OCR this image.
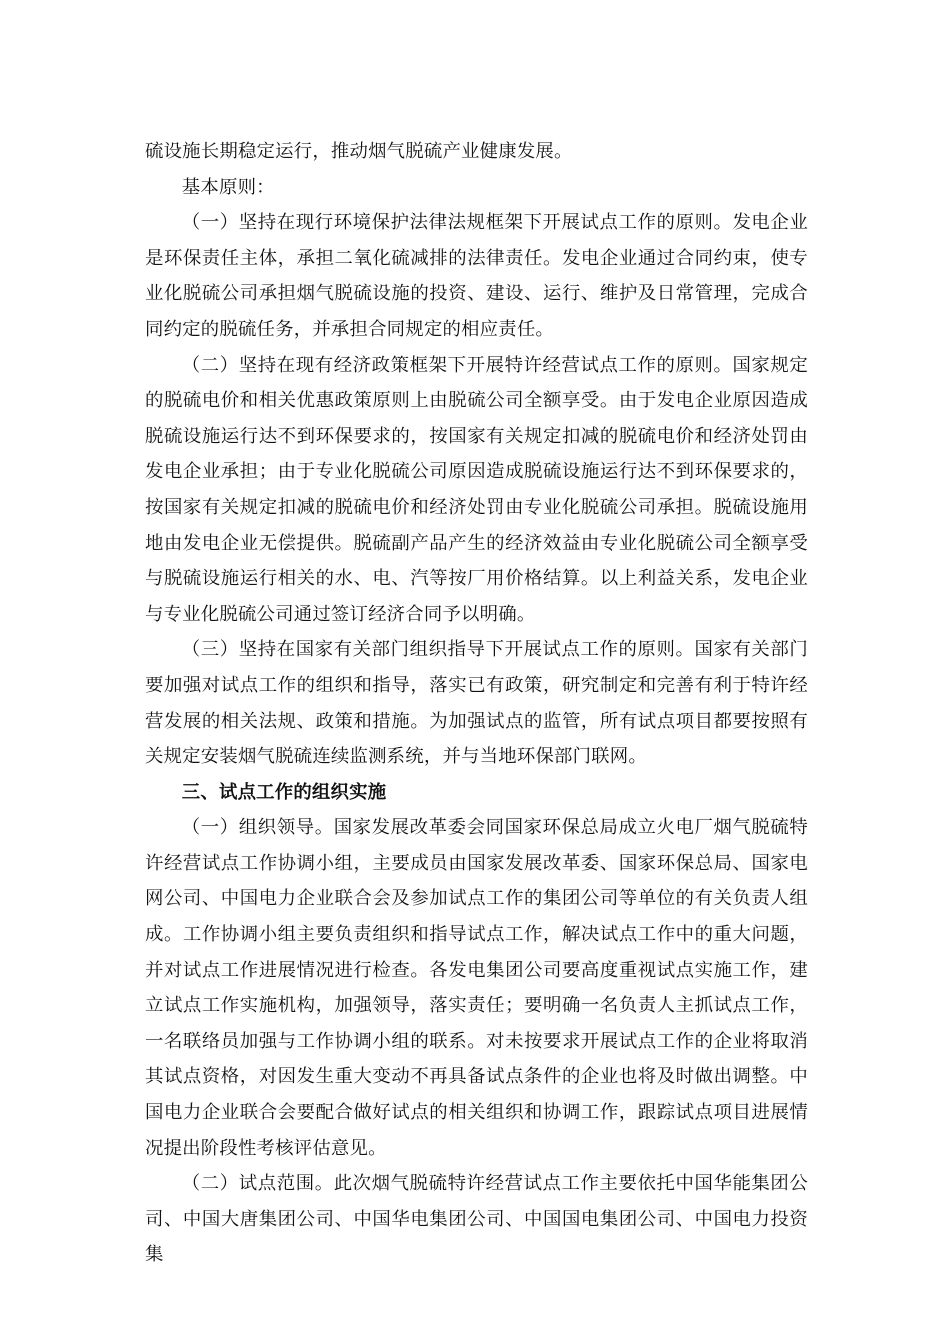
硫设施长期稳定运行，推动烟气脱硫产业健康发展。

基本原则：

（一）坚持在现行环境保护法律法规框架下开展试点工作的原则。发电企业是环保责任主体，承担二氧化硫减排的法律责任。发电企业通过合同约束，使专业化脱硫公司承担烟气脱硫设施的投资、建设、运行、维护及日常管理，完成合同约定的脱硫任务，并承担合同规定的相应责任。

（二）坚持在现有经济政策框架下开展特许经营试点工作的原则。国家规定的脱硫电价和相关优惠政策原则上由脱硫公司全额享受。由于发电企业原因造成脱硫设施运行达不到环保要求的，按国家有关规定扣减的脱硫电价和经济处罚由发电企业承担；由于专业化脱硫公司原因造成脱硫设施运行达不到环保要求的，按国家有关规定扣减的脱硫电价和经济处罚由专业化脱硫公司承担。脱硫设施用地由发电企业无偿提供。脱硫副产品产生的经济效益由专业化脱硫公司全额享受与脱硫设施运行相关的水、电、汽等按厂用价格结算。以上利益关系，发电企业与专业化脱硫公司通过签订经济合同予以明确。

（三）坚持在国家有关部门组织指导下开展试点工作的原则。国家有关部门要加强对试点工作的组织和指导，落实已有政策，研究制定和完善有利于特许经营发展的相关法规、政策和措施。为加强试点的监管，所有试点项目都要按照有关规定安装烟气脱硫连续监测系统，并与当地环保部门联网。

三、试点工作的组织实施

（一）组织领导。国家发展改革委会同国家环保总局成立火电厂烟气脱硫特许经营试点工作协调小组，主要成员由国家发展改革委、国家环保总局、国家电网公司、中国电力企业联合会及参加试点工作的集团公司等单位的有关负责人组成。工作协调小组主要负责组织和指导试点工作，解决试点工作中的重大问题，并对试点工作进展情况进行检查。各发电集团公司要高度重视试点实施工作，建立试点工作实施机构，加强领导，落实责任；要明确一名负责人主抓试点工作，一名联络员加强与工作协调小组的联系。对未按要求开展试点工作的企业将取消其试点资格，对因发生重大变动不再具备试点条件的企业也将及时做出调整。中国电力企业联合会要配合做好试点的相关组织和协调工作，跟踪试点项目进展情况提出阶段性考核评估意见。

（二）试点范围。此次烟气脱硫特许经营试点工作主要依托中国华能集团公司、中国大唐集团公司、中国华电集团公司、中国国电集团公司、中国电力投资集
